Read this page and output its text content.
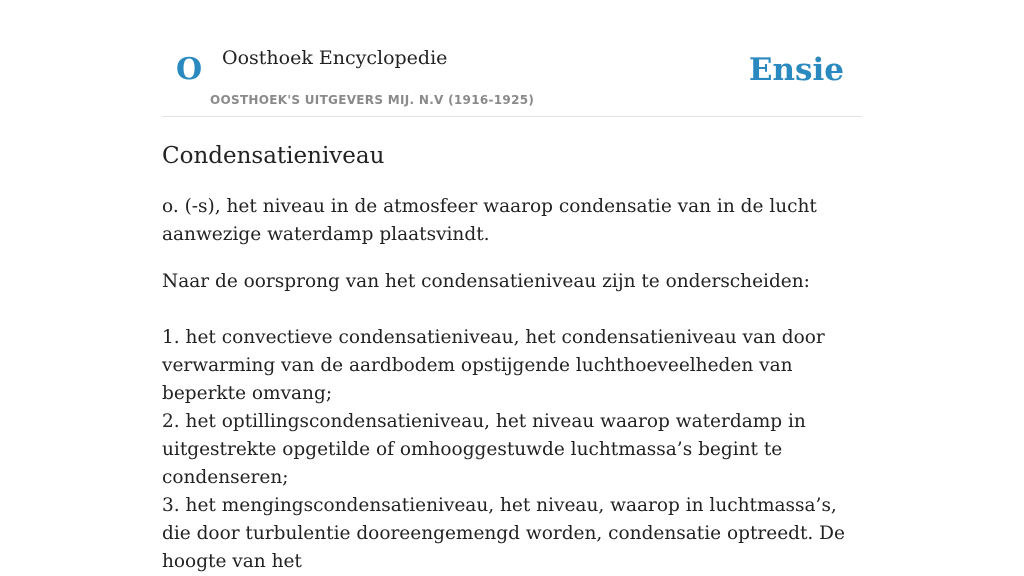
O Oosthoek Encyclopedie
OOSTHOEK'S UITGEVERS MIJ. N.V (1916-1925)
Ensie
Condensatieniveau

o. (-s), het niveau in de atmosfeer waarop condensatie van in de lucht aanwezige waterdamp plaatsvindt.

Naar de oorsprong van het condensatieniveau zijn te onderscheiden:

1. het convectieve condensatieniveau, het condensatieniveau van door verwarming van de aardbodem opstijgende luchthoeveelheden van beperkte omvang;
2. het optillingscondensatieniveau, het niveau waarop waterdamp in uitgestrekte opgetilde of omhooggestuwde luchtmassa’s begint te condenseren;
3. het mengingscondensatieniveau, het niveau, waarop in luchtmassa’s, die door turbulentie dooreengemengd worden, condensatie optreedt. De hoogte van het
